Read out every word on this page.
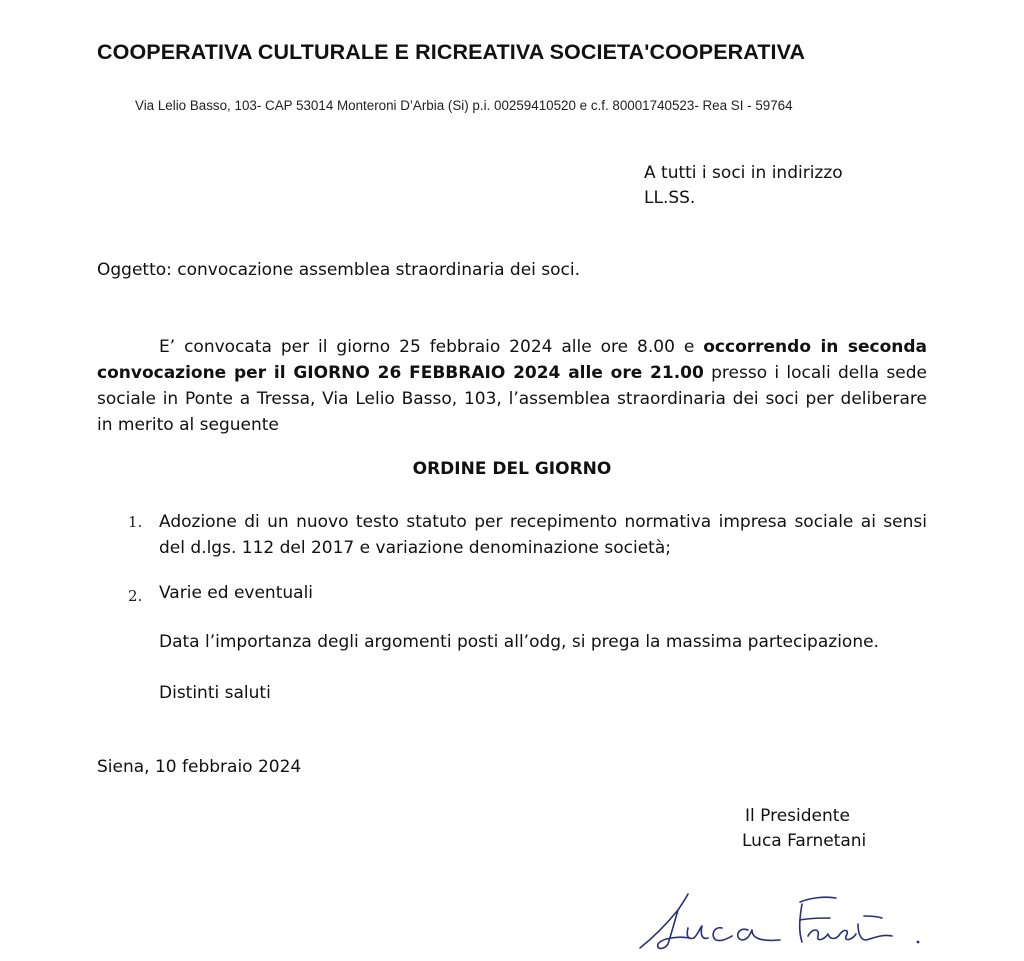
COOPERATIVA CULTURALE E RICREATIVA SOCIETA'COOPERATIVA
Via Lelio Basso, 103- CAP 53014 Monteroni D’Arbia (Si) p.i. 00259410520 e c.f. 80001740523- Rea SI - 59764
A tutti i soci in indirizzo
LL.SS.
Oggetto: convocazione assemblea straordinaria dei soci.
E’ convocata per il giorno 25 febbraio 2024 alle ore 8.00 e occorrendo in seconda convocazione per il GIORNO 26 FEBBRAIO 2024 alle ore 21.00 presso i locali della sede sociale in Ponte a Tressa, Via Lelio Basso, 103, l’assemblea straordinaria dei soci per deliberare in merito al seguente
ORDINE DEL GIORNO
1. Adozione di un nuovo testo statuto per recepimento normativa impresa sociale ai sensi del d.lgs. 112 del 2017 e variazione denominazione società;
2. Varie ed eventuali
Data l’importanza degli argomenti posti all’odg, si prega la massima partecipazione.
Distinti saluti
Siena, 10 febbraio 2024
Il Presidente
Luca Farnetani
